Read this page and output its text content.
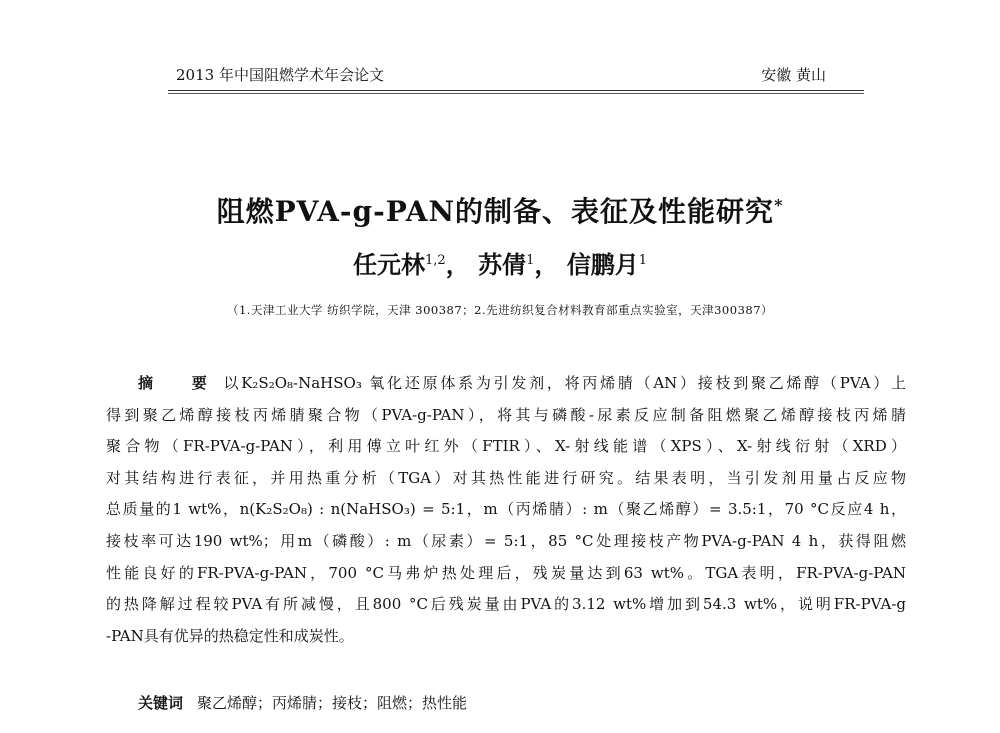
2013 年中国阻燃学术年会论文	安徽 黄山
阻燃PVA-g-PAN的制备、表征及性能研究*
任元林$^{1,2}$， 苏倩$^1$， 信鹏月$^1$
（1.天津工业大学 纺织学院，天津 300387；2.先进纺织复合材料教育部重点实验室，天津300387）
摘 要以K₂S₂O₈-NaHSO₃ 氧化还原体系为引发剂，将丙烯腈（AN）接枝到聚乙烯醇（PVA）上
得到聚乙烯醇接枝丙烯腈聚合物（PVA-g-PAN），将其与磷酸-尿素反应制备阻燃聚乙烯醇接枝丙烯腈
聚合物（FR-PVA-g-PAN），利用傅立叶红外（FTIR）、X-射线能谱（XPS）、X-射线衍射（XRD）
对其结构进行表征，并用热重分析（TGA）对其热性能进行研究。结果表明，当引发剂用量占反应物
总质量的1 wt%，n(K₂S₂O₈) : n(NaHSO₃) = 5:1，m（丙烯腈）: m（聚乙烯醇）= 3.5:1，70 °C反应4 h，
接枝率可达190 wt%；用m（磷酸）: m（尿素）= 5:1，85 °C处理接枝产物PVA-g-PAN 4 h，获得阻燃
性能良好的FR-PVA-g-PAN，700 °C马弗炉热处理后，残炭量达到63 wt%。TGA表明，FR-PVA-g-PAN
的热降解过程较PVA有所减慢，且800 °C后残炭量由PVA的3.12 wt%增加到54.3 wt%，说明FR-PVA-g
-PAN具有优异的热稳定性和成炭性。
关键词 聚乙烯醇；丙烯腈；接枝；阻燃；热性能
